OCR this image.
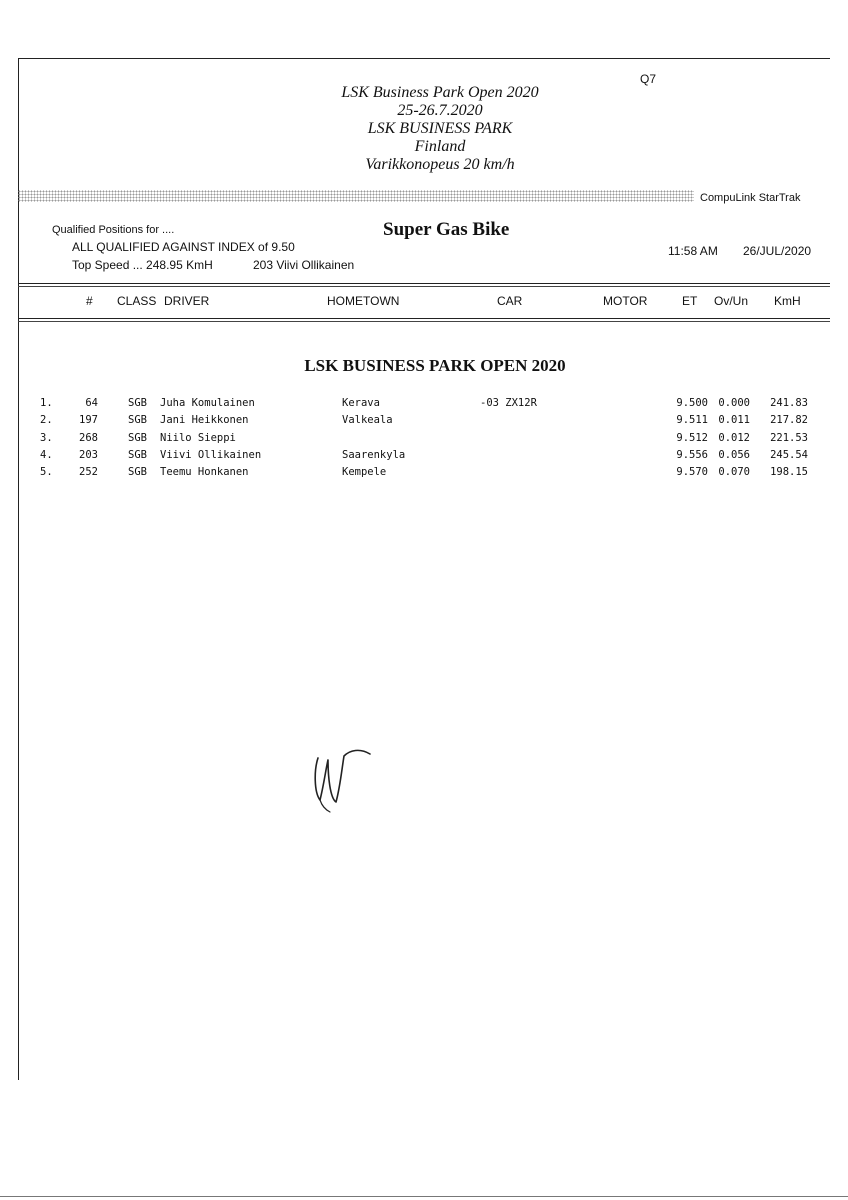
Q7
LSK Business Park Open 2020
25-26.7.2020
LSK BUSINESS PARK
Finland
Varikkonopeus 20 km/h
CompuLink StarTrak
Qualified Positions for ....
ALL QUALIFIED AGAINST INDEX of 9.50
Top Speed ... 248.95 KmH	203 Viivi Ollikainen
Super Gas Bike
11:58 AM 26/JUL/2020
# CLASS DRIVER	HOMETOWN	CAR	MOTOR	ET Ov/Un KmH
LSK BUSINESS PARK OPEN 2020
1.	64	SGB Juha Komulainen	Kerava	-03 ZX12R	9.500 0.000	241.83
2.	197	SGB Jani Heikkonen	Valkeala	9.511 0.011	217.82
3.	268	SGB Niilo Sieppi	9.512 0.012	221.53
4.	203	SGB Viivi Ollikainen	Saarenkyla	9.556 0.056	245.54
5.	252	SGB Teemu Honkanen	Kempele	9.570 0.070	198.15
